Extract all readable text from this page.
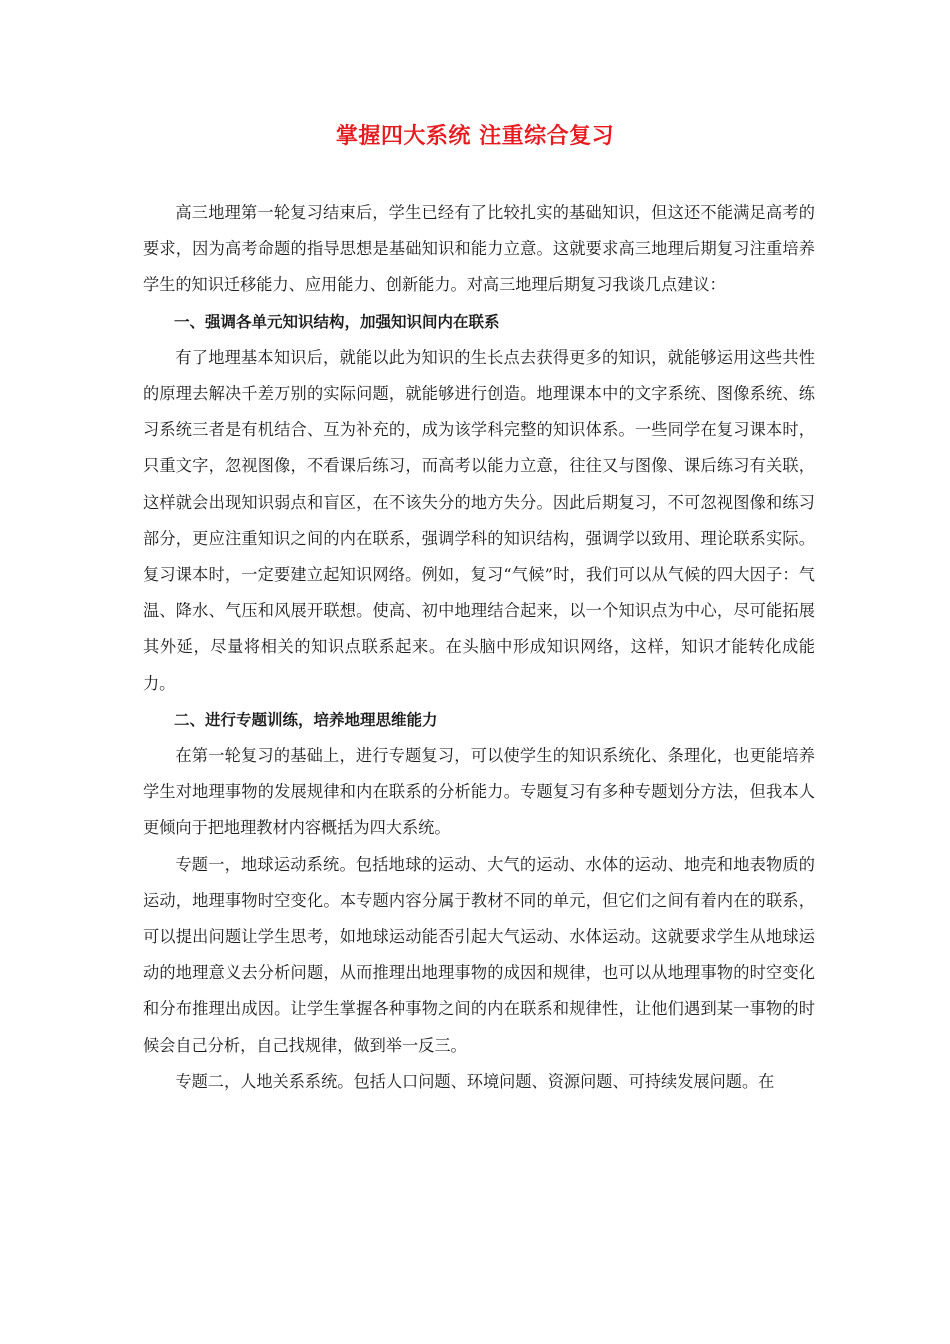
掌握四大系统 注重综合复习

高三地理第一轮复习结束后，学生已经有了比较扎实的基础知识，但这还不能满足高考的要求，因为高考命题的指导思想是基础知识和能力立意。这就要求高三地理后期复习注重培养学生的知识迁移能力、应用能力、创新能力。对高三地理后期复习我谈几点建议：

一、强调各单元知识结构，加强知识间内在联系

有了地理基本知识后，就能以此为知识的生长点去获得更多的知识，就能够运用这些共性的原理去解决千差万别的实际问题，就能够进行创造。地理课本中的文字系统、图像系统、练习系统三者是有机结合、互为补充的，成为该学科完整的知识体系。一些同学在复习课本时，只重文字，忽视图像，不看课后练习，而高考以能力立意，往往又与图像、课后练习有关联，这样就会出现知识弱点和盲区，在不该失分的地方失分。因此后期复习，不可忽视图像和练习部分，更应注重知识之间的内在联系，强调学科的知识结构，强调学以致用、理论联系实际。复习课本时，一定要建立起知识网络。例如，复习“气候”时，我们可以从气候的四大因子：气温、降水、气压和风展开联想。使高、初中地理结合起来，以一个知识点为中心，尽可能拓展其外延，尽量将相关的知识点联系起来。在头脑中形成知识网络，这样，知识才能转化成能力。

二、进行专题训练，培养地理思维能力

在第一轮复习的基础上，进行专题复习，可以使学生的知识系统化、条理化，也更能培养学生对地理事物的发展规律和内在联系的分析能力。专题复习有多种专题划分方法，但我本人更倾向于把地理教材内容概括为四大系统。

专题一，地球运动系统。包括地球的运动、大气的运动、水体的运动、地壳和地表物质的运动，地理事物时空变化。本专题内容分属于教材不同的单元，但它们之间有着内在的联系，可以提出问题让学生思考，如地球运动能否引起大气运动、水体运动。这就要求学生从地球运动的地理意义去分析问题，从而推理出地理事物的成因和规律，也可以从地理事物的时空变化和分布推理出成因。让学生掌握各种事物之间的内在联系和规律性，让他们遇到某一事物的时候会自己分析，自己找规律，做到举一反三。

专题二，人地关系系统。包括人口问题、环境问题、资源问题、可持续发展问题。在
